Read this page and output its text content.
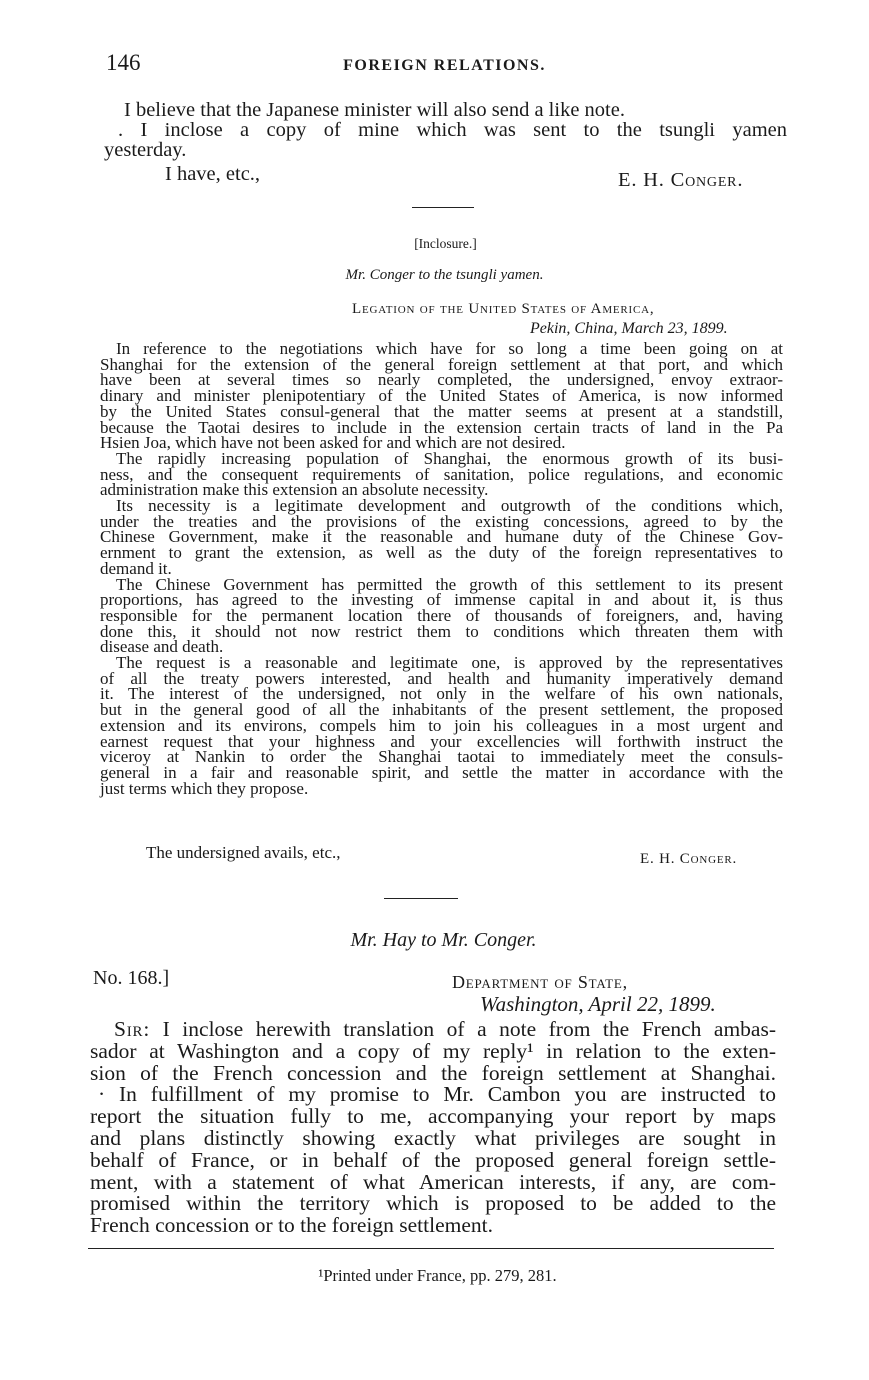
146	FOREIGN RELATIONS.
I believe that the Japanese minister will also send a like note.
. I inclose a copy of mine which was sent to the tsungli yamen
yesterday.
I have, etc.,	E. H. Conger.
[Inclosure.]
Mr. Conger to the tsungli yamen.
Legation of the United States of America,
Pekin, China, March 23, 1899.
In reference to the negotiations which have for so long a time been going on at
Shanghai for the extension of the general foreign settlement at that port, and which
have been at several times so nearly completed, the undersigned, envoy extraor-
dinary and minister plenipotentiary of the United States of America, is now informed
by the United States consul-general that the matter seems at present at a standstill,
because the Taotai desires to include in the extension certain tracts of land in the Pa
Hsien Joa, which have not been asked for and which are not desired.
The rapidly increasing population of Shanghai, the enormous growth of its busi-
ness, and the consequent requirements of sanitation, police regulations, and economic
administration make this extension an absolute necessity.
Its necessity is a legitimate development and outgrowth of the conditions which,
under the treaties and the provisions of the existing concessions, agreed to by the
Chinese Government, make it the reasonable and humane duty of the Chinese Gov-
ernment to grant the extension, as well as the duty of the foreign representatives to
demand it.
The Chinese Government has permitted the growth of this settlement to its present
proportions, has agreed to the investing of immense capital in and about it, is thus
responsible for the permanent location there of thousands of foreigners, and, having
done this, it should not now restrict them to conditions which threaten them with
disease and death.
The request is a reasonable and legitimate one, is approved by the representatives
of all the treaty powers interested, and health and humanity imperatively demand
it. The interest of the undersigned, not only in the welfare of his own nationals,
but in the general good of all the inhabitants of the present settlement, the proposed
extension and its environs, compels him to join his colleagues in a most urgent and
earnest request that your highness and your excellencies will forthwith instruct the
viceroy at Nankin to order the Shanghai taotai to immediately meet the consuls-
general in a fair and reasonable spirit, and settle the matter in accordance with the
just terms which they propose.
The undersigned avails, etc.,	E. H. Conger.
Mr. Hay to Mr. Conger.
No. 168.]	Department of State,
Washington, April 22, 1899.
Sir: I inclose herewith translation of a note from the French ambas-
sador at Washington and a copy of my reply¹ in relation to the exten-
sion of the French concession and the foreign settlement at Shanghai.
· In fulfillment of my promise to Mr. Cambon you are instructed to
report the situation fully to me, accompanying your report by maps
and plans distinctly showing exactly what privileges are sought in
behalf of France, or in behalf of the proposed general foreign settle-
ment, with a statement of what American interests, if any, are com-
promised within the territory which is proposed to be added to the
French concession or to the foreign settlement.
¹Printed under France, pp. 279, 281.
